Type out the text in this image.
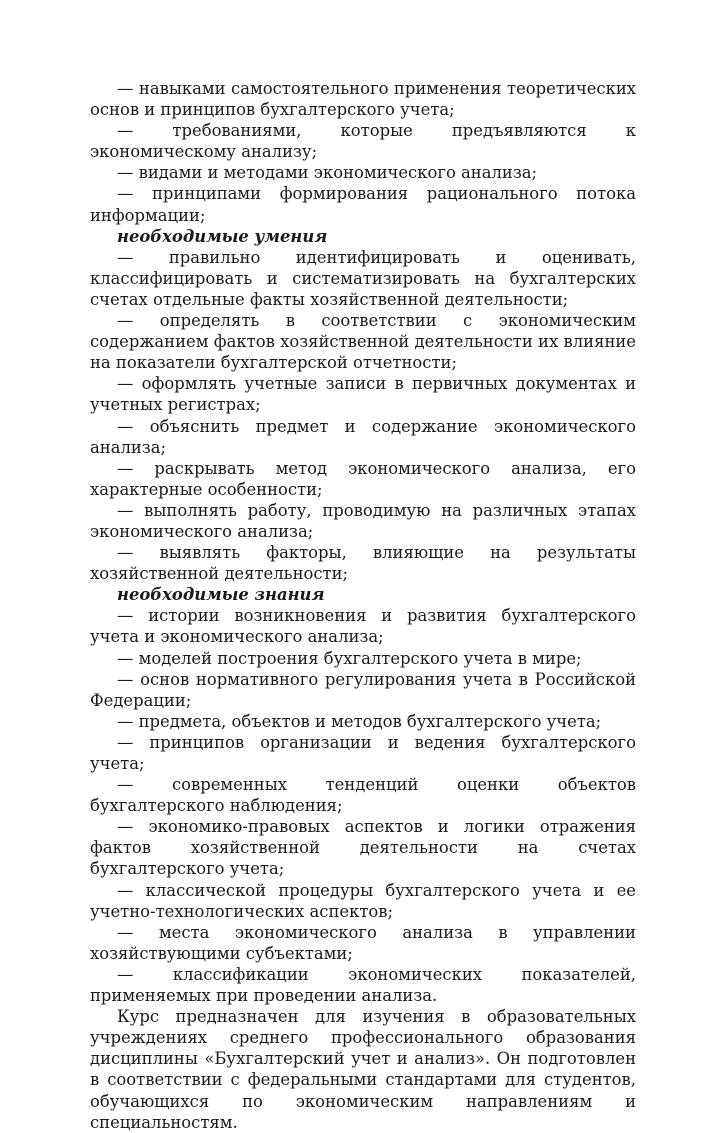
— навыками самостоятельного применения теоретических основ и принципов бухгалтерского учета;

— требованиями, которые предъявляются к экономическому анализу;

— видами и методами экономического анализа;

— принципами формирования рационального потока информации;

необходимые умения

— правильно идентифицировать и оценивать, классифицировать и систематизировать на бухгалтерских счетах отдельные факты хозяйственной деятельности;

— определять в соответствии с экономическим содержанием фактов хозяйственной деятельности их влияние на показатели бухгалтерской отчетности;

— оформлять учетные записи в первичных документах и учетных регистрах;

— объяснить предмет и содержание экономического анализа;

— раскрывать метод экономического анализа, его характерные особенности;

— выполнять работу, проводимую на различных этапах экономического анализа;

— выявлять факторы, влияющие на результаты хозяйственной деятельности;

необходимые знания

— истории возникновения и развития бухгалтерского учета и экономического анализа;

— моделей построения бухгалтерского учета в мире;

— основ нормативного регулирования учета в Российской Федерации;

— предмета, объектов и методов бухгалтерского учета;

— принципов организации и ведения бухгалтерского учета;

— современных тенденций оценки объектов бухгалтерского наблюдения;

— экономико-правовых аспектов и логики отражения фактов хозяйственной деятельности на счетах бухгалтерского учета;

— классической процедуры бухгалтерского учета и ее учетно-технологических аспектов;

— места экономического анализа в управлении хозяйствующими субъектами;

— классификации экономических показателей, применяемых при проведении анализа.

Курс предназначен для изучения в образовательных учреждениях среднего профессионального образования дисциплины «Бухгалтерский учет и анализ». Он подготовлен в соответствии с федеральными стандартами для студентов, обучающихся по экономическим направлениям и специальностям.
